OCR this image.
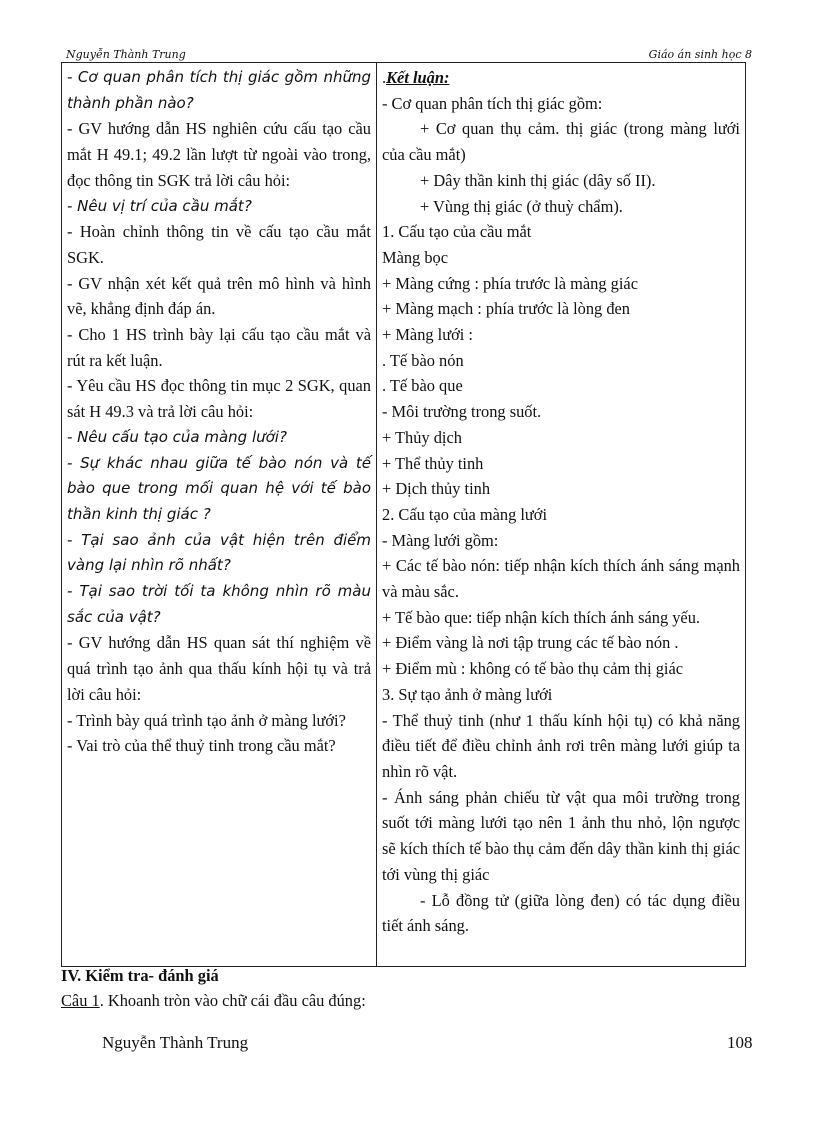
Nguyễn Thành Trung	Giáo án sinh học 8

- Cơ quan phân tích thị giác gồm những thành phần nào?

- GV hướng dẫn HS nghiên cứu cấu tạo cầu mắt H 49.1; 49.2 lần lượt từ ngoài vào trong, đọc thông tin SGK trả lời câu hỏi:

- Nêu vị trí của cầu mắt?

- Hoàn chỉnh thông tin về cấu tạo cầu mắt SGK.

- GV nhận xét kết quả trên mô hình và hình vẽ, khẳng định đáp án.

- Cho 1 HS trình bày lại cấu tạo cầu mắt và rút ra kết luận.

- Yêu cầu HS đọc thông tin mục 2 SGK, quan sát H 49.3 và trả lời câu hỏi:

- Nêu cấu tạo của màng lưới?

- Sự khác nhau giữa tế bào nón và tế bào que trong mối quan hệ với tế bào thần kinh thị giác ?

- Tại sao ảnh của vật hiện trên điểm vàng lại nhìn rõ nhất?

- Tại sao trời tối ta không nhìn rõ màu sắc của vật?

- GV hướng dẫn HS quan sát thí nghiệm về quá trình tạo ảnh qua thấu kính hội tụ và trả lời câu hỏi:

- Trình bày quá trình tạo ảnh ở màng lưới?

- Vai trò của thể thuỷ tinh trong cầu mắt?

.Kết luận:

- Cơ quan phân tích thị giác gồm:

+ Cơ quan thụ cảm. thị giác (trong màng lưới của cầu mắt)

+ Dây thần kinh thị giác (dây số II).

+ Vùng thị giác (ở thuỳ chẩm).

1. Cấu tạo của cầu mắt

Màng bọc

+ Màng cứng : phía trước là màng giác

+ Màng mạch : phía trước là lòng đen

+ Màng lưới :

. Tế bào nón

. Tế bào que

- Môi trường trong suốt.

+ Thủy dịch

+ Thể thủy tinh

+ Dịch thủy tinh

2. Cấu tạo của màng lưới

- Màng lưới gồm:

+ Các tế bào nón: tiếp nhận kích thích ánh sáng mạnh và màu sắc.

+ Tế bào que: tiếp nhận kích thích ánh sáng yếu.

+ Điểm vàng là nơi tập trung các tế bào nón .

+ Điểm mù : không có tế bào thụ cảm thị giác

3. Sự tạo ảnh ở màng lưới

- Thể thuỷ tinh (như 1 thấu kính hội tụ) có khả năng điều tiết để điều chỉnh ảnh rơi trên màng lưới giúp ta nhìn rõ vật.

- Ánh sáng phản chiếu từ vật qua môi trường trong suốt tới màng lưới tạo nên 1 ảnh thu nhỏ, lộn ngược sẽ kích thích tế bào thụ cảm đến dây thần kinh thị giác tới vùng thị giác

- Lỗ đồng tử (giữa lòng đen) có tác dụng điều tiết ánh sáng.

IV. Kiểm tra- đánh giá
Câu 1. Khoanh tròn vào chữ cái đầu câu đúng:
Nguyễn Thành Trung	108
